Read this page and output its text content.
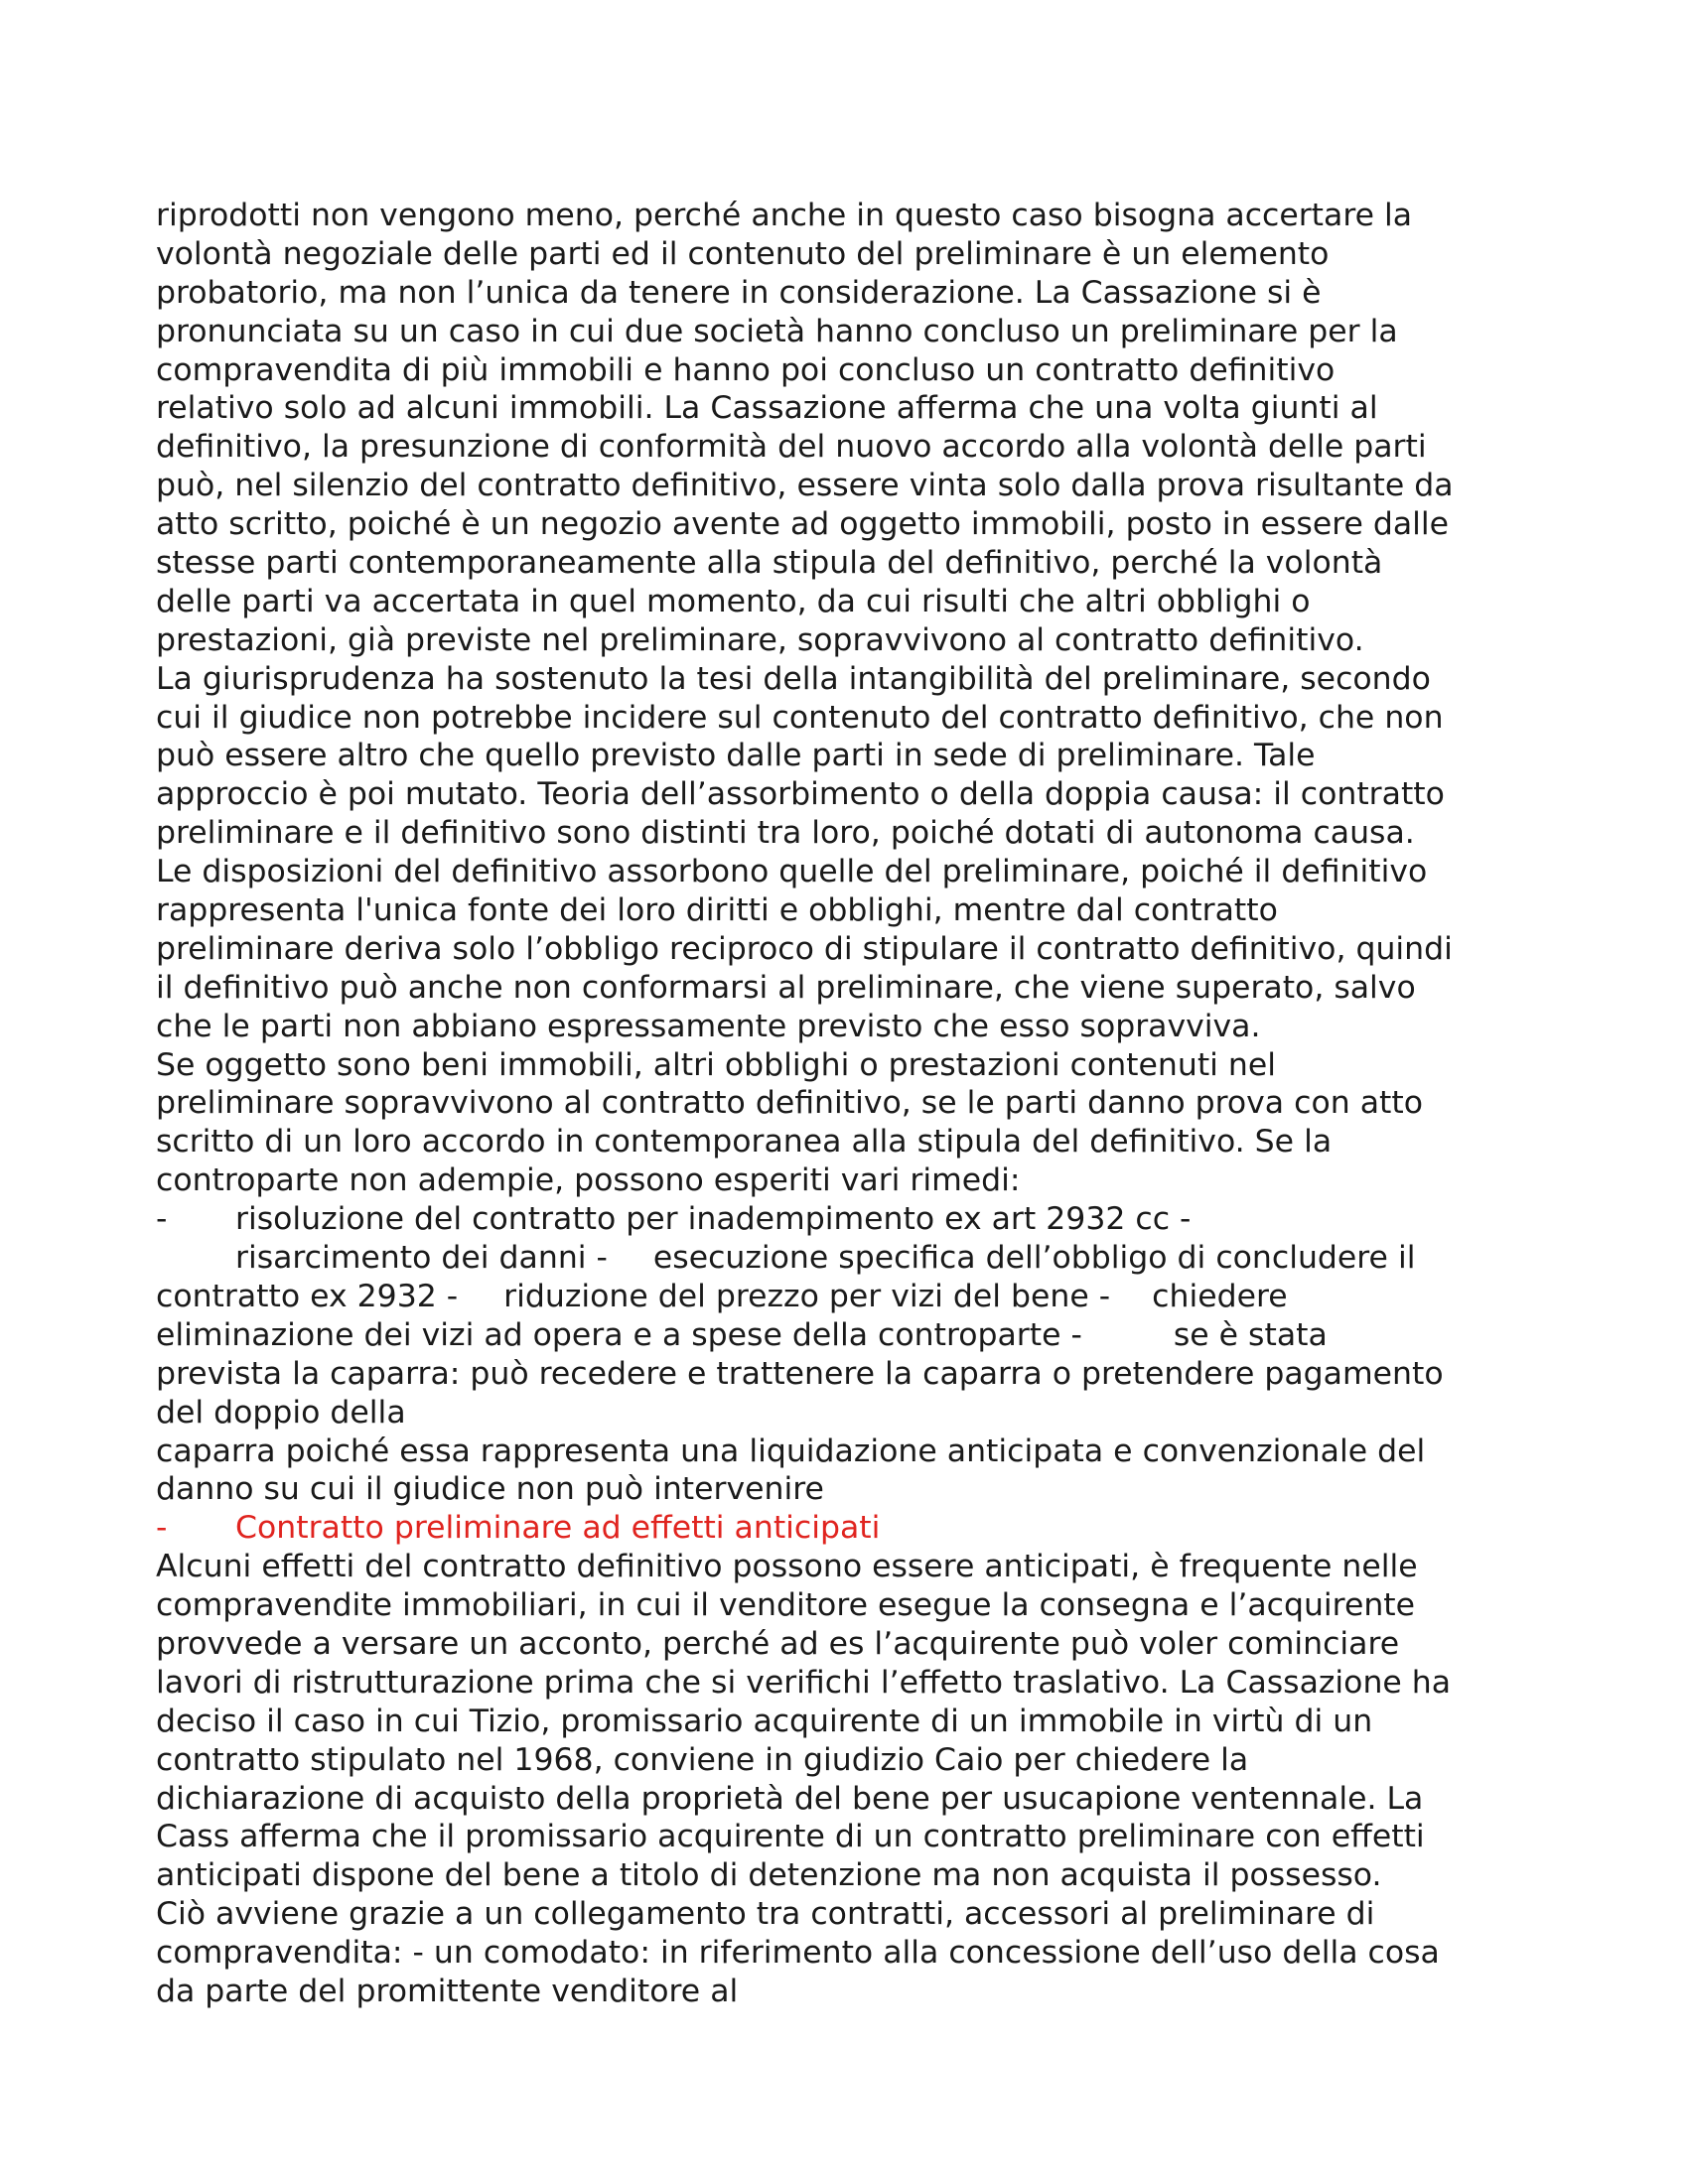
riprodotti non vengono meno, perché anche in questo caso bisogna accertare la
volontà negoziale delle parti ed il contenuto del preliminare è un elemento
probatorio, ma non l’unica da tenere in considerazione. La Cassazione si è
pronunciata su un caso in cui due società hanno concluso un preliminare per la
compravendita di più immobili e hanno poi concluso un contratto definitivo
relativo solo ad alcuni immobili. La Cassazione afferma che una volta giunti al
definitivo, la presunzione di conformità del nuovo accordo alla volontà delle parti
può, nel silenzio del contratto definitivo, essere vinta solo dalla prova risultante da
atto scritto, poiché è un negozio avente ad oggetto immobili, posto in essere dalle
stesse parti contemporaneamente alla stipula del definitivo, perché la volontà
delle parti va accertata in quel momento, da cui risulti che altri obblighi o
prestazioni, già previste nel preliminare, sopravvivono al contratto definitivo.
La giurisprudenza ha sostenuto la tesi della intangibilità del preliminare, secondo
cui il giudice non potrebbe incidere sul contenuto del contratto definitivo, che non
può essere altro che quello previsto dalle parti in sede di preliminare. Tale
approccio è poi mutato. Teoria dell’assorbimento o della doppia causa: il contratto
preliminare e il definitivo sono distinti tra loro, poiché dotati di autonoma causa.
Le disposizioni del definitivo assorbono quelle del preliminare, poiché il definitivo
rappresenta l'unica fonte dei loro diritti e obblighi, mentre dal contratto
preliminare deriva solo l’obbligo reciproco di stipulare il contratto definitivo, quindi
il definitivo può anche non conformarsi al preliminare, che viene superato, salvo
che le parti non abbiano espressamente previsto che esso sopravviva.
Se oggetto sono beni immobili, altri obblighi o prestazioni contenuti nel
preliminare sopravvivono al contratto definitivo, se le parti danno prova con atto
scritto di un loro accordo in contemporanea alla stipula del definitivo. Se la
controparte non adempie, possono esperiti vari rimedi:
- risoluzione del contratto per inadempimento ex art 2932 cc -
risarcimento dei danni - esecuzione specifica dell’obbligo di concludere il
contratto ex 2932 - riduzione del prezzo per vizi del bene - chiedere
eliminazione dei vizi ad opera e a spese della controparte -	se è stata
prevista la caparra: può recedere e trattenere la caparra o pretendere pagamento
del doppio della
caparra poiché essa rappresenta una liquidazione anticipata e convenzionale del
danno su cui il giudice non può intervenire
- Contratto preliminare ad effetti anticipati
Alcuni effetti del contratto definitivo possono essere anticipati, è frequente nelle
compravendite immobiliari, in cui il venditore esegue la consegna e l’acquirente
provvede a versare un acconto, perché ad es l’acquirente può voler cominciare
lavori di ristrutturazione prima che si verifichi l’effetto traslativo. La Cassazione ha
deciso il caso in cui Tizio, promissario acquirente di un immobile in virtù di un
contratto stipulato nel 1968, conviene in giudizio Caio per chiedere la
dichiarazione di acquisto della proprietà del bene per usucapione ventennale. La
Cass afferma che il promissario acquirente di un contratto preliminare con effetti
anticipati dispone del bene a titolo di detenzione ma non acquista il possesso.
Ciò avviene grazie a un collegamento tra contratti, accessori al preliminare di
compravendita: - un comodato: in riferimento alla concessione dell’uso della cosa
da parte del promittente venditore al
